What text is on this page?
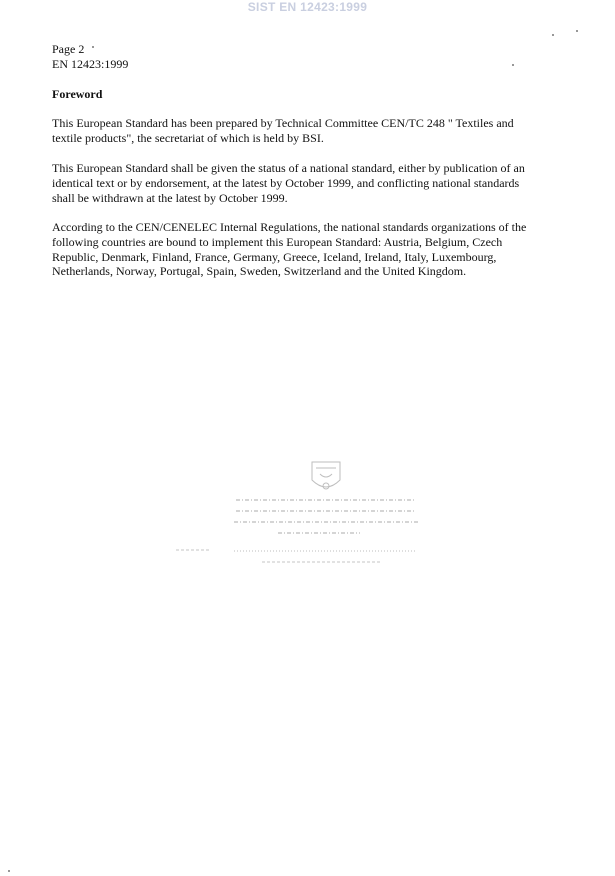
SIST EN 12423:1999
Page 2
EN 12423:1999
Foreword
This European Standard has been prepared by Technical Committee CEN/TC 248 " Textiles and
textile products", the secretariat of which is held by BSI.
This European Standard shall be given the status of a national standard, either by publication of an
identical text or by endorsement, at the latest by October 1999, and conflicting national standards
shall be withdrawn at the latest by October 1999.
According to the CEN/CENELEC Internal Regulations, the national standards organizations of the
following countries are bound to implement this European Standard: Austria, Belgium, Czech
Republic, Denmark, Finland, France, Germany, Greece, Iceland, Ireland, Italy, Luxembourg,
Netherlands, Norway, Portugal, Spain, Sweden, Switzerland and the United Kingdom.
